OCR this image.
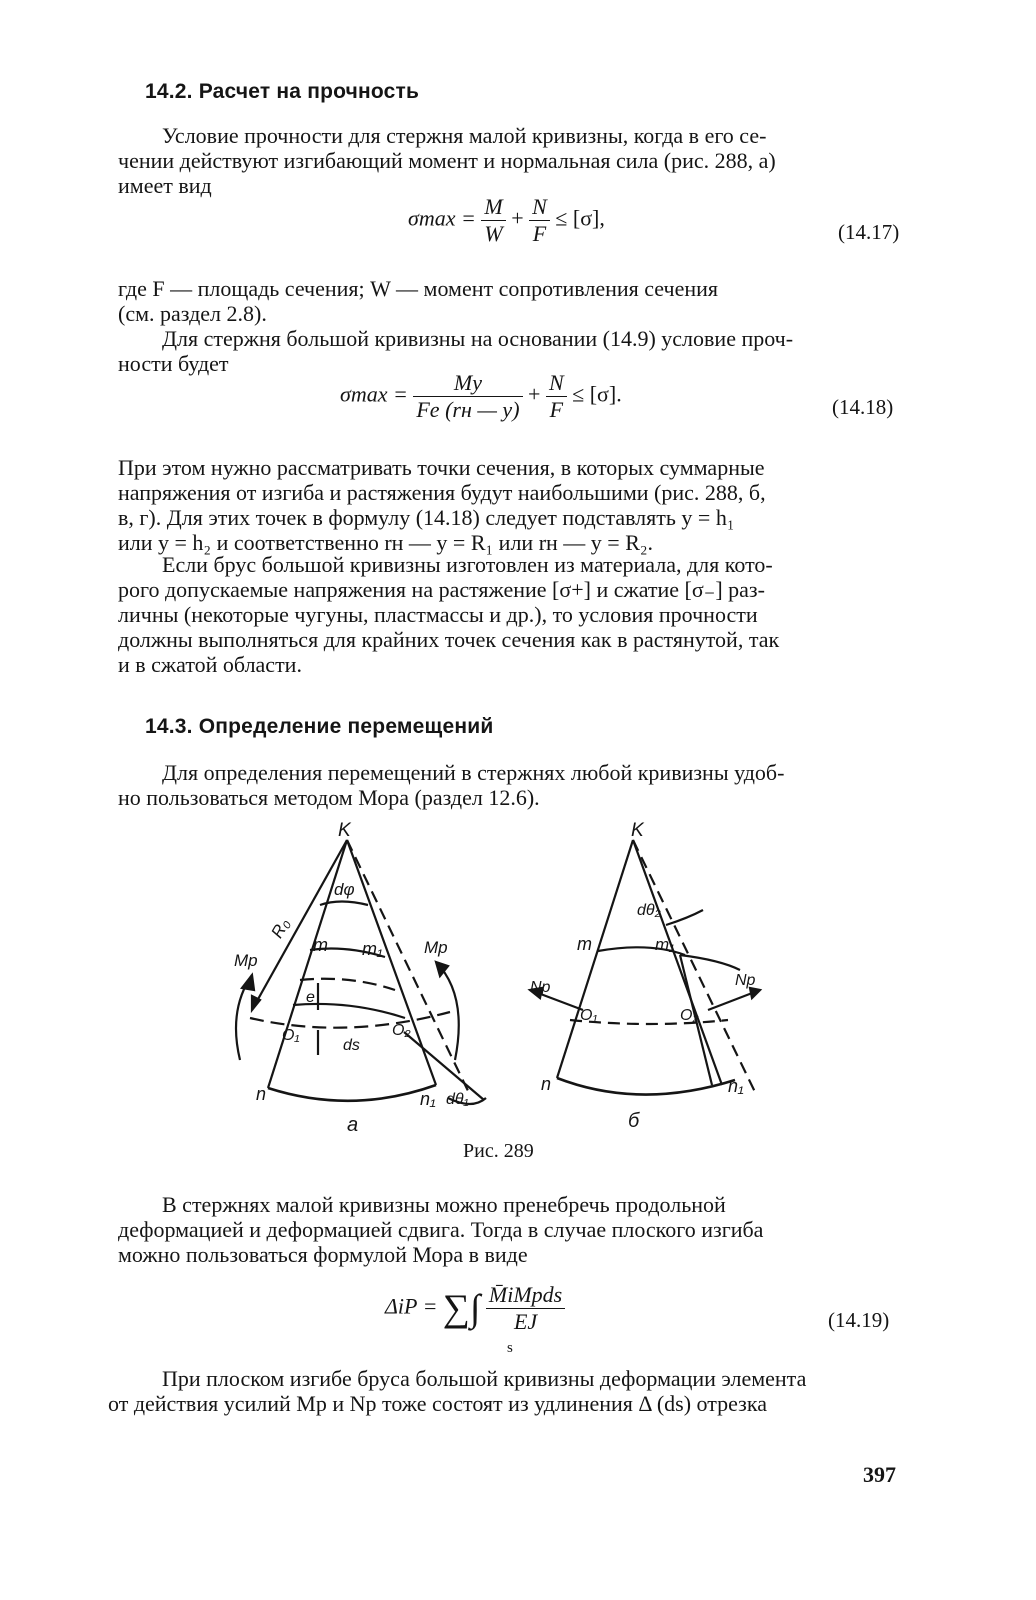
14.2. Расчет на прочность
Условие прочности для стержня малой кривизны, когда в его се-
чении действуют изгибающий момент и нормальная сила (рис. 288, а)
имеет вид
$\sigma\max = \frac{M}{W} + \frac{N}{F} \le [\sigma]$,
(14.17)
где F — площадь сечения; W — момент сопротивления сечения
(см. раздел 2.8).
Для стержня большой кривизны на основании (14.9) условие проч-
ности будет
$\sigma\max = \frac{My}{Fe (rн — y)} + \frac{N}{F} \le [\sigma]$.
(14.18)
При этом нужно рассматривать точки сечения, в которых суммарные
напряжения от изгиба и растяжения будут наибольшими (рис. 288, б,
в, г). Для этих точек в формулу (14.18) следует подставлять y = h₁
или y = h₂ и соответственно rн — y = R₁ или rн — y = R₂.
Если брус большой кривизны изготовлен из материала, для кото-
рого допускаемые напряжения на растяжение [σ+] и сжатие [σ₋] раз-
личны (некоторые чугуны, пластмассы и др.), то условия прочности
должны выполняться для крайних точек сечения как в растянутой, так
и в сжатой области.
14.3. Определение перемещений
Для определения перемещений в стержнях любой кривизны удоб-
но пользоваться методом Мора (раздел 12.6).
K
R₀
dφ
m m₁
Mp
Mp
e
O₁
ds
O₂
n	n₁ dθ₁
а
K
dθ₂
m	m₁
Np	Np
O₁	O₂
n	n₁
б
Рис. 289
В стержнях малой кривизны можно пренебречь продольной
деформацией и деформацией сдвига. Тогда в случае плоского изгиба
можно пользоваться формулой Мора в виде
ΔiP = ∑∫ $\frac{\text{M̄iMpds}}{EJ}$
s
(14.19)
При плоском изгибе бруса большой кривизны деформации элемента
от действия усилий Mp и Np тоже состоят из удлинения Δ (ds) отрезка
397
